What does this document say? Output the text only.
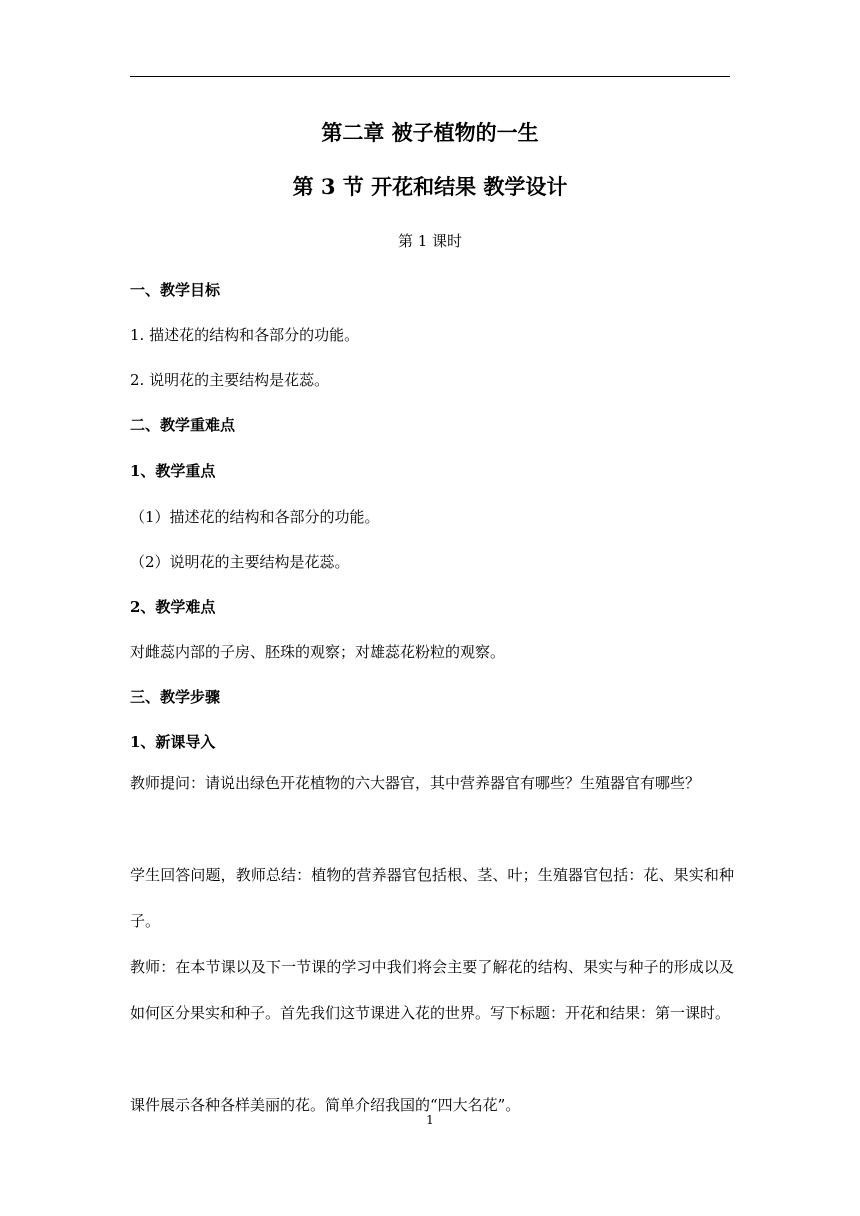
第二章 被子植物的一生
第 3 节 开花和结果 教学设计
第 1 课时
一、教学目标
1. 描述花的结构和各部分的功能。
2. 说明花的主要结构是花蕊。
二、教学重难点
1、教学重点
（1）描述花的结构和各部分的功能。
（2）说明花的主要结构是花蕊。
2、教学难点
对雌蕊内部的子房、胚珠的观察；对雄蕊花粉粒的观察。
三、教学步骤
1、新课导入
教师提问：请说出绿色开花植物的六大器官，其中营养器官有哪些？生殖器官有哪些？
学生回答问题，教师总结：植物的营养器官包括根、茎、叶；生殖器官包括：花、果实和种子。
教师：在本节课以及下一节课的学习中我们将会主要了解花的结构、果实与种子的形成以及如何区分果实和种子。首先我们这节课进入花的世界。写下标题：开花和结果：第一课时。
课件展示各种各样美丽的花。简单介绍我国的“四大名花”。
1
